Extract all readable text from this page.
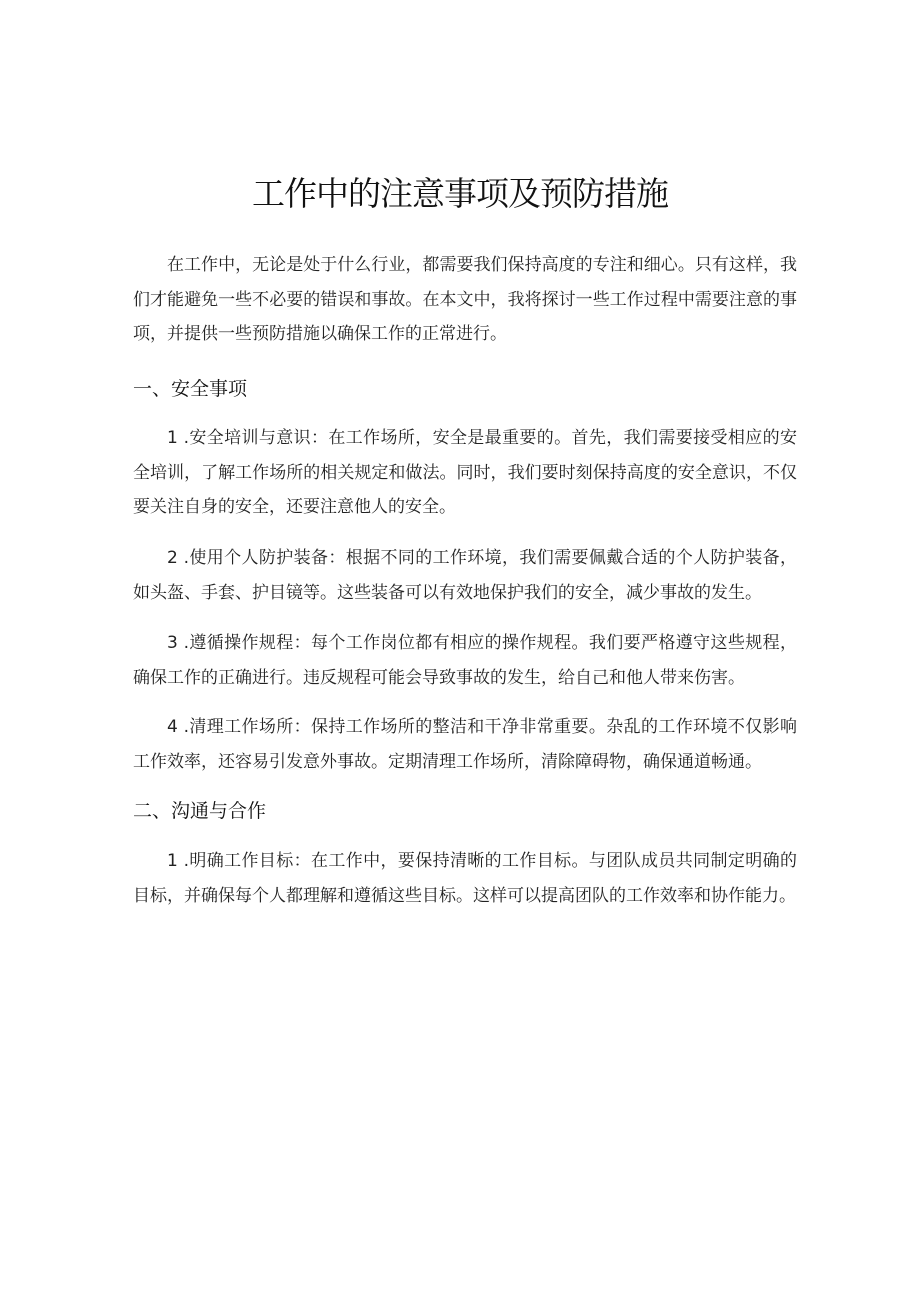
工作中的注意事项及预防措施

在工作中，无论是处于什么行业，都需要我们保持高度的专注和细心。只有这样，我们才能避免一些不必要的错误和事故。在本文中，我将探讨一些工作过程中需要注意的事项，并提供一些预防措施以确保工作的正常进行。

一、安全事项

1 .安全培训与意识：在工作场所，安全是最重要的。首先，我们需要接受相应的安全培训，了解工作场所的相关规定和做法。同时，我们要时刻保持高度的安全意识，不仅要关注自身的安全，还要注意他人的安全。

2 .使用个人防护装备：根据不同的工作环境，我们需要佩戴合适的个人防护装备，如头盔、手套、护目镜等。这些装备可以有效地保护我们的安全，减少事故的发生。

3 .遵循操作规程：每个工作岗位都有相应的操作规程。我们要严格遵守这些规程，确保工作的正确进行。违反规程可能会导致事故的发生，给自己和他人带来伤害。

4 .清理工作场所：保持工作场所的整洁和干净非常重要。杂乱的工作环境不仅影响工作效率，还容易引发意外事故。定期清理工作场所，清除障碍物，确保通道畅通。

二、沟通与合作

1 .明确工作目标：在工作中，要保持清晰的工作目标。与团队成员共同制定明确的目标，并确保每个人都理解和遵循这些目标。这样可以提高团队的工作效率和协作能力。
